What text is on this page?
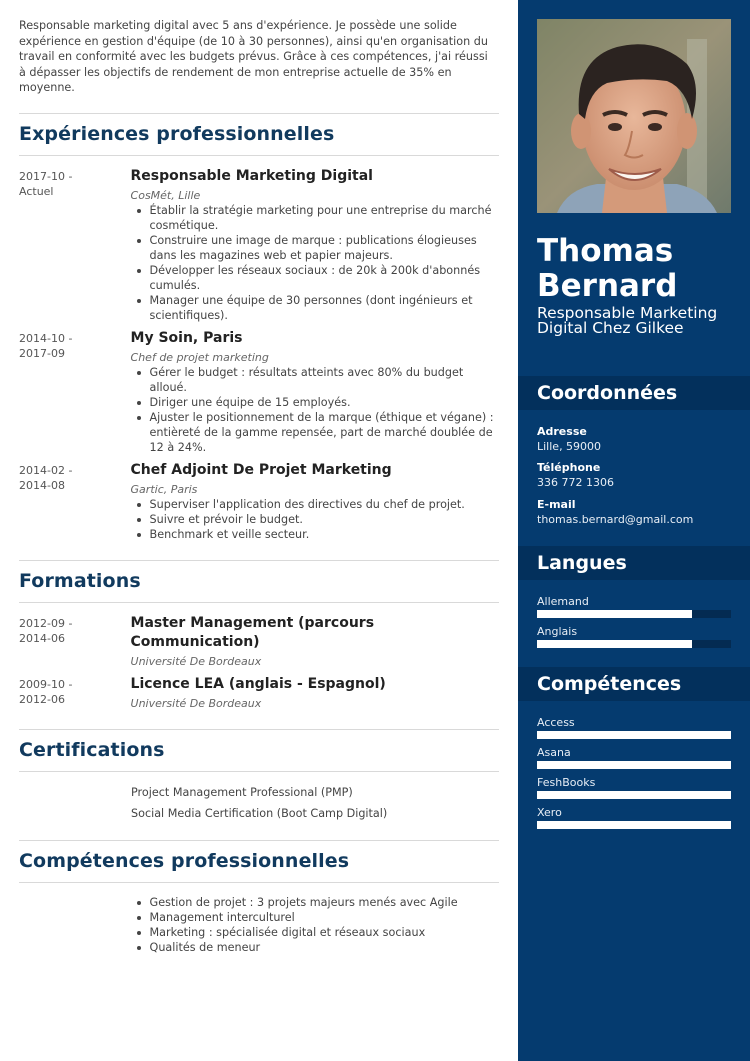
Responsable marketing digital avec 5 ans d'expérience. Je possède une solide expérience en gestion d'équipe (de 10 à 30 personnes), ainsi qu'en organisation du travail en conformité avec les budgets prévus. Grâce à ces compétences, j'ai réussi à dépasser les objectifs de rendement de mon entreprise actuelle de 35% en moyenne.

Expériences professionnelles
2017-10 -
Actuel
Responsable Marketing Digital
CosMét, Lille
Établir la stratégie marketing pour une entreprise du marché cosmétique.
Construire une image de marque : publications élogieuses dans les magazines web et papier majeurs.
Développer les réseaux sociaux : de 20k à 200k d'abonnés cumulés.
Manager une équipe de 30 personnes (dont ingénieurs et scientifiques).
2014-10 -
2017-09
My Soin, Paris
Chef de projet marketing
Gérer le budget : résultats atteints avec 80% du budget alloué.
Diriger une équipe de 15 employés.
Ajuster le positionnement de la marque (éthique et végane) : entièreté de la gamme repensée, part de marché doublée de 12 à 24%.
2014-02 -
2014-08
Chef Adjoint De Projet Marketing
Gartic, Paris
Superviser l'application des directives du chef de projet.
Suivre et prévoir le budget.
Benchmark et veille secteur.
Formations
2012-09 -
2014-06
Master Management (parcours Communication)
Université De Bordeaux
2009-10 -
2012-06
Licence LEA (anglais - Espagnol)
Université De Bordeaux
Certifications
Project Management Professional (PMP)
Social Media Certification (Boot Camp Digital)
Compétences professionnelles
Gestion de projet : 3 projets majeurs menés avec Agile
Management interculturel
Marketing : spécialisée digital et réseaux sociaux
Qualités de meneur
Thomas
Bernard
Responsable Marketing Digital Chez Gilkee
Coordonnées
Adresse
Lille, 59000
Téléphone
336 772 1306
E-mail
thomas.bernard@gmail.com
Langues
Allemand
Anglais
Compétences
Access
Asana
FeshBooks
Xero
